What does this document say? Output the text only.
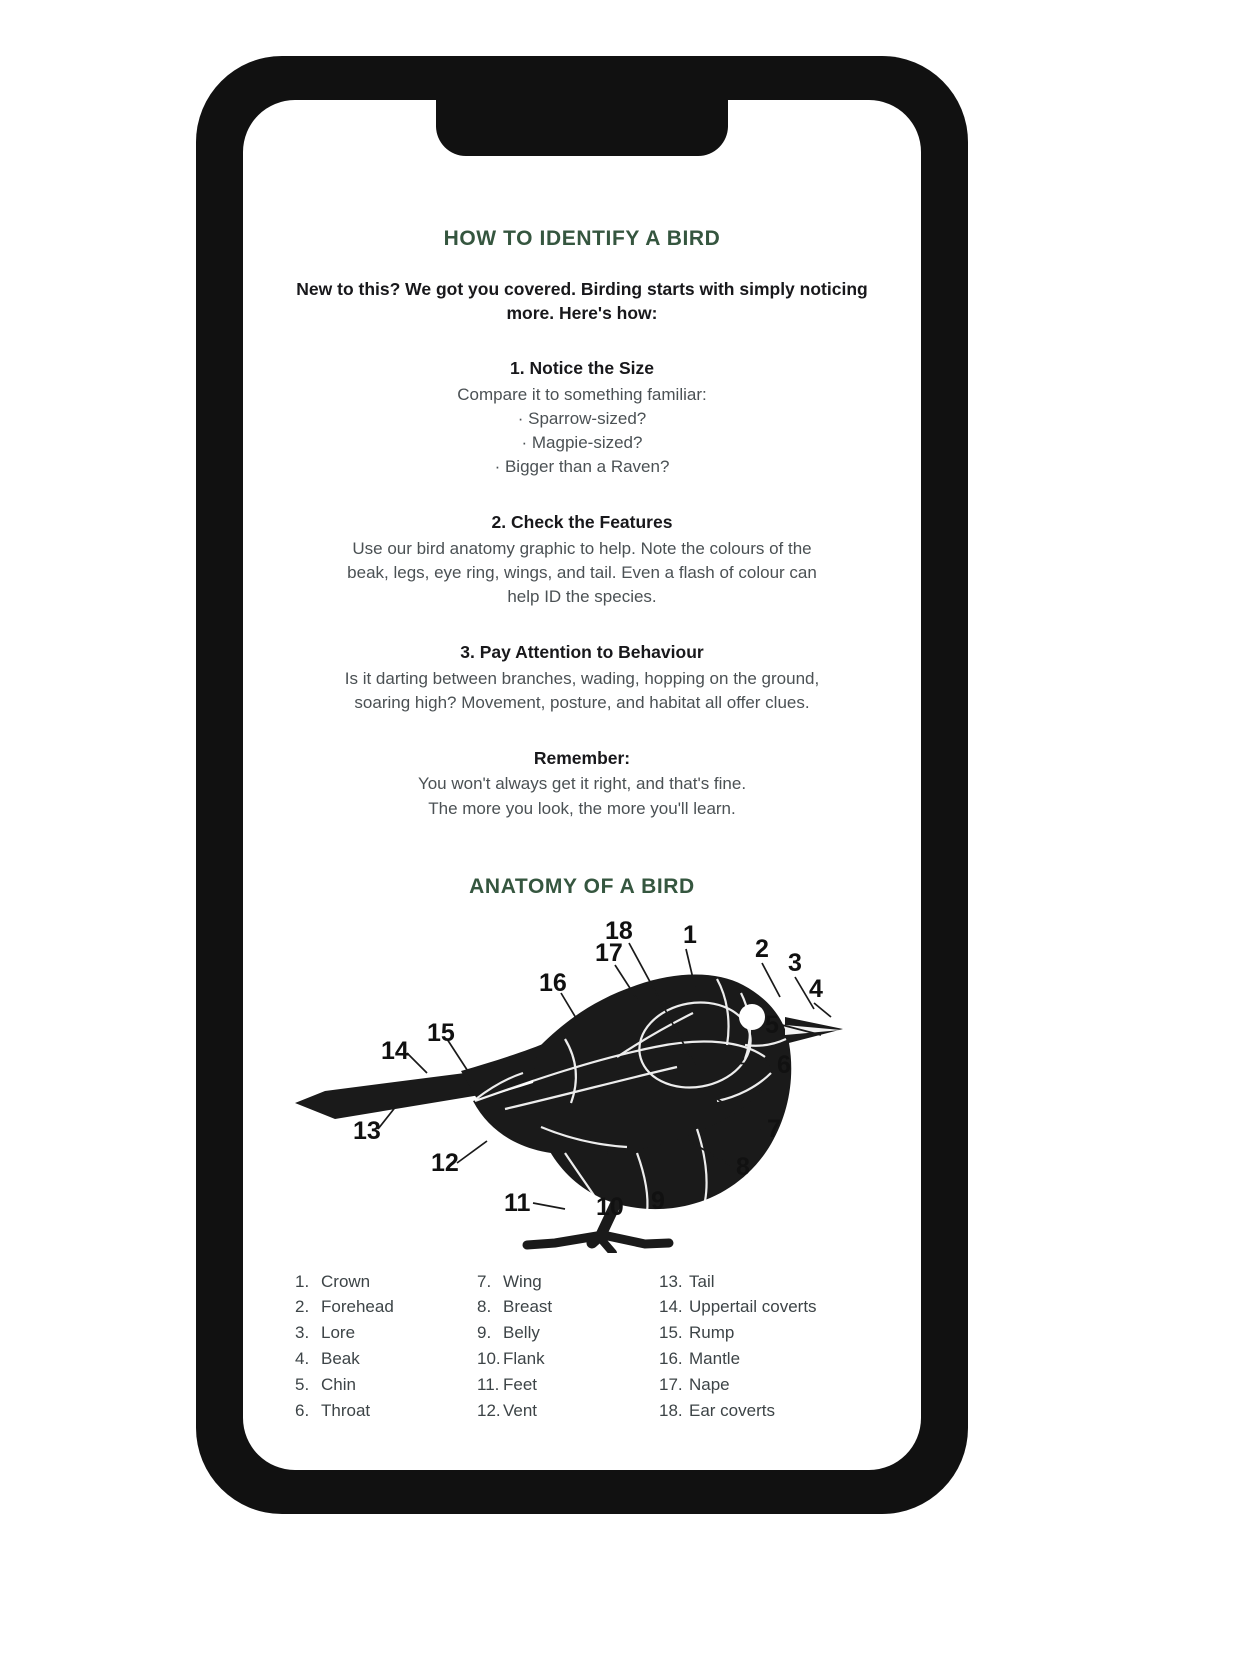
HOW TO IDENTIFY A BIRD
New to this? We got you covered. Birding starts with simply noticing more. Here's how:
1. Notice the Size
Compare it to something familiar:
· Sparrow-sized?
· Magpie-sized?
· Bigger than a Raven?
2. Check the Features
Use our bird anatomy graphic to help. Note the colours of the
beak, legs, eye ring, wings, and tail. Even a flash of colour can
help ID the species.
3. Pay Attention to Behaviour
Is it darting between branches, wading, hopping on the ground,
soaring high? Movement, posture, and habitat all offer clues.
Remember:
You won't always get it right, and that's fine.
The more you look, the more you'll learn.
ANATOMY OF A BIRD
1 2 3
4
5
6
7
8
9
10
11
12
13
14
15
16
17
18
1. Crown
2. Forehead
3. Lore
4. Beak
5. Chin
6. Throat
7. Wing
8. Breast
9. Belly
10. Flank
11. Feet
12. Vent
13. Tail
14. Uppertail coverts
15. Rump
16. Mantle
17. Nape
18. Ear coverts
